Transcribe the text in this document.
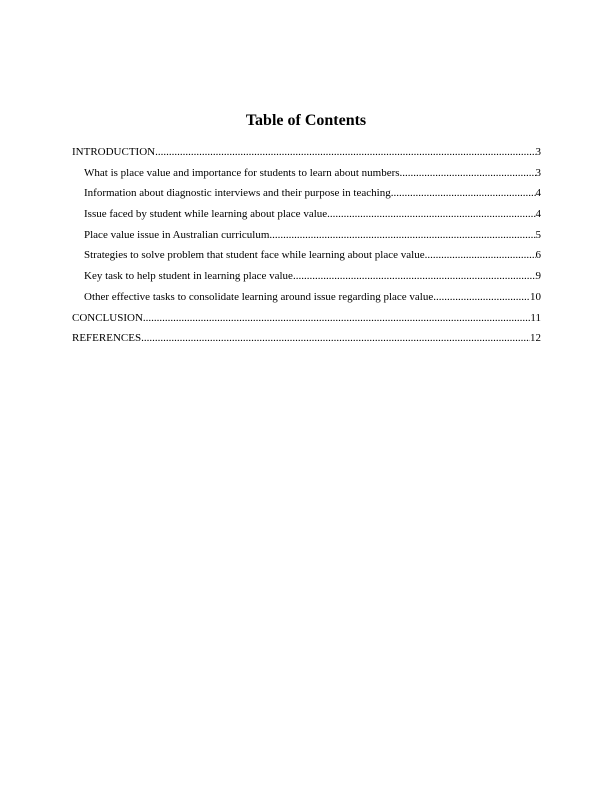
Table of Contents
INTRODUCTION .....	3
What is place value and importance for students to learn about numbers .....	3
Information about diagnostic interviews and their purpose in teaching .....	4
Issue faced by student while learning about place value .....	4
Place value issue in Australian curriculum .....	5
Strategies to solve problem that student face while learning about place value .....	6
Key task to help student in learning place value .....	9
Other effective tasks to consolidate learning around issue regarding place value .....	10
CONCLUSION .....	11
REFERENCES .....	12
